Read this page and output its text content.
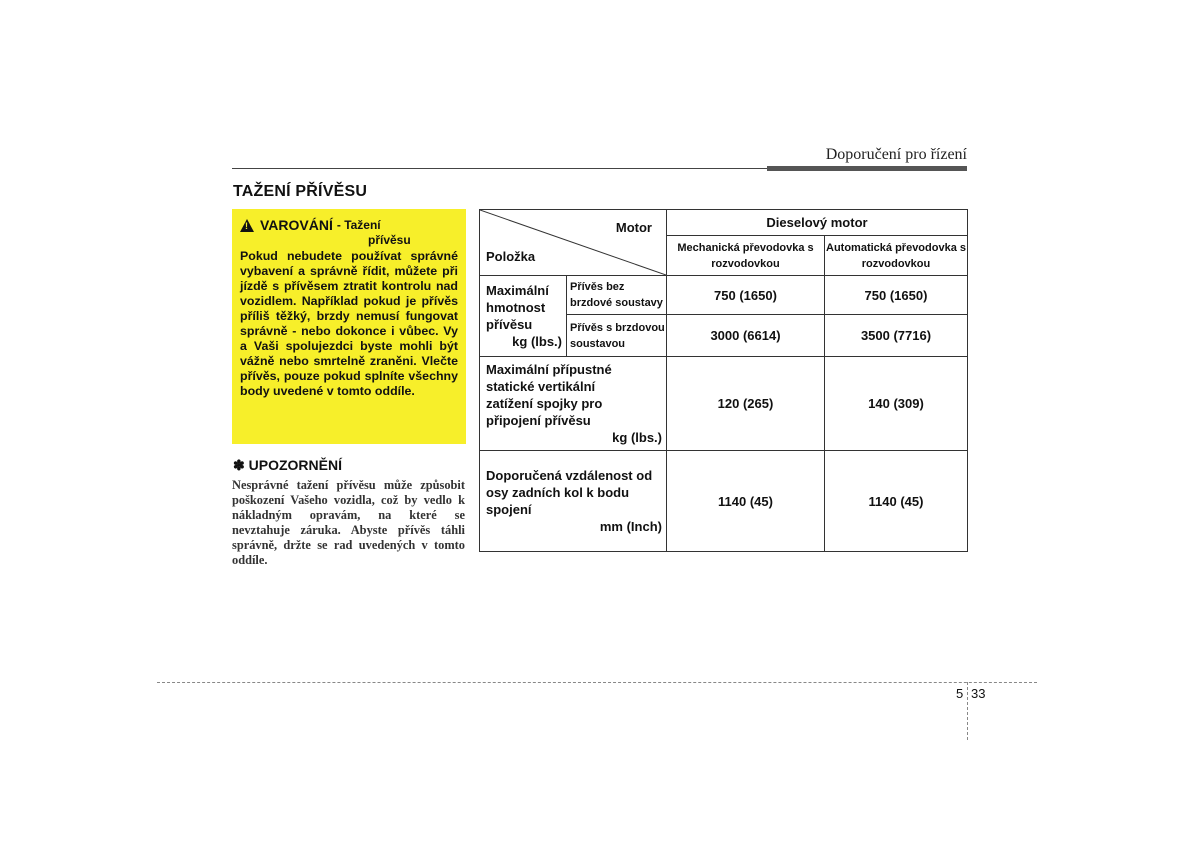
Doporučení pro řízení
TAŽENÍ PŘÍVĚSU
!
VAROVÁNÍ - Tažení
přívěsu
Pokud nebudete používat správné vybavení a správně řídit, můžete při jízdě s přívěsem ztratit kontrolu nad vozidlem. Například pokud je přívěs příliš těžký, brzdy nemusí fungovat správně - nebo dokonce i vůbec. Vy a Vaši spolujezdci byste mohli být vážně nebo smrtelně zraněni. Vlečte přívěs, pouze pokud splníte všechny body uvedené v tomto oddíle.
✽ UPOZORNĚNÍ
Nesprávné tažení přívěsu může způsobit poškození Vašeho vozidla, což by vedlo k nákladným opravám, na které se nevztahuje záruka. Abyste přívěs táhli správně, držte se rad uvedených v tomto oddíle.
Motor
Položka		Dieselový motor	
		Mechanická převodovka s rozvodovkou	Automatická převodovka s rozvodovkou

Maximální
hmotnost
přívěsu
kg (lbs.)	Přívěs bez brzdové soustavy	750 (1650)	750 (1650)
	Přívěs s brzdovou soustavou	3000 (6614)	3500 (7716)

Maximální přípustné statické vertikální zatížení spojky pro připojení přívěsu
kg (lbs.)		120 (265)	140 (309)

Doporučená vzdálenost od osy zadních kol k bodu spojení
mm (Inch)		1140 (45)	1140 (45)
5 33
